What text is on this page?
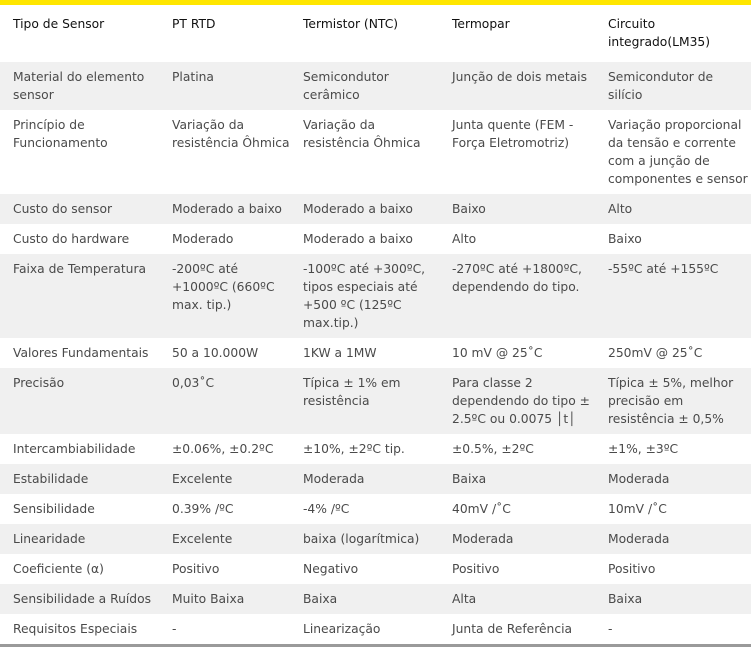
Tipo de Sensor	PT RTD	Termistor (NTC)	Termopar	Circuito integrado(LM35)
Material do elemento sensor	Platina	Semicondutor cerâmico	Junção de dois metais	Semicondutor de silício
Princípio de Funcionamento	Variação da resistência Ôhmica	Variação da resistência Ôhmica	Junta quente (FEM - Força Eletromotriz)	Variação proporcional da tensão e corrente com a junção de componentes e sensor
Custo do sensor	Moderado a baixo	Moderado a baixo	Baixo	Alto
Custo do hardware	Moderado	Moderado a baixo	Alto	Baixo
Faixa de Temperatura	-200ºC até +1000ºC (660ºC max. tip.)	-100ºC até +300ºC, tipos especiais até +500 ºC (125ºC max.tip.)	-270ºC até +1800ºC, dependendo do tipo.	-55ºC até +155ºC
Valores Fundamentais	50 a 10.000W	1KW a 1MW	10 mV @ 25˚C	250mV @ 25˚C
Precisão	0,03˚C	Típica ± 1% em resistência	Para classe 2 dependendo do tipo ± 2.5ºC ou 0.0075 │t│	Típica ± 5%, melhor precisão em resistência ± 0,5%
Intercambiabilidade	±0.06%, ±0.2ºC	±10%, ±2ºC tip.	±0.5%, ±2ºC	±1%, ±3ºC
Estabilidade	Excelente	Moderada	Baixa	Moderada
Sensibilidade	0.39% /ºC	-4% /ºC	40mV /˚C	10mV /˚C
Linearidade	Excelente	baixa (logarítmica)	Moderada	Moderada
Coeficiente (α)	Positivo	Negativo	Positivo	Positivo
Sensibilidade a Ruídos	Muito Baixa	Baixa	Alta	Baixa
Requisitos Especiais	-	Linearização	Junta de Referência	-
